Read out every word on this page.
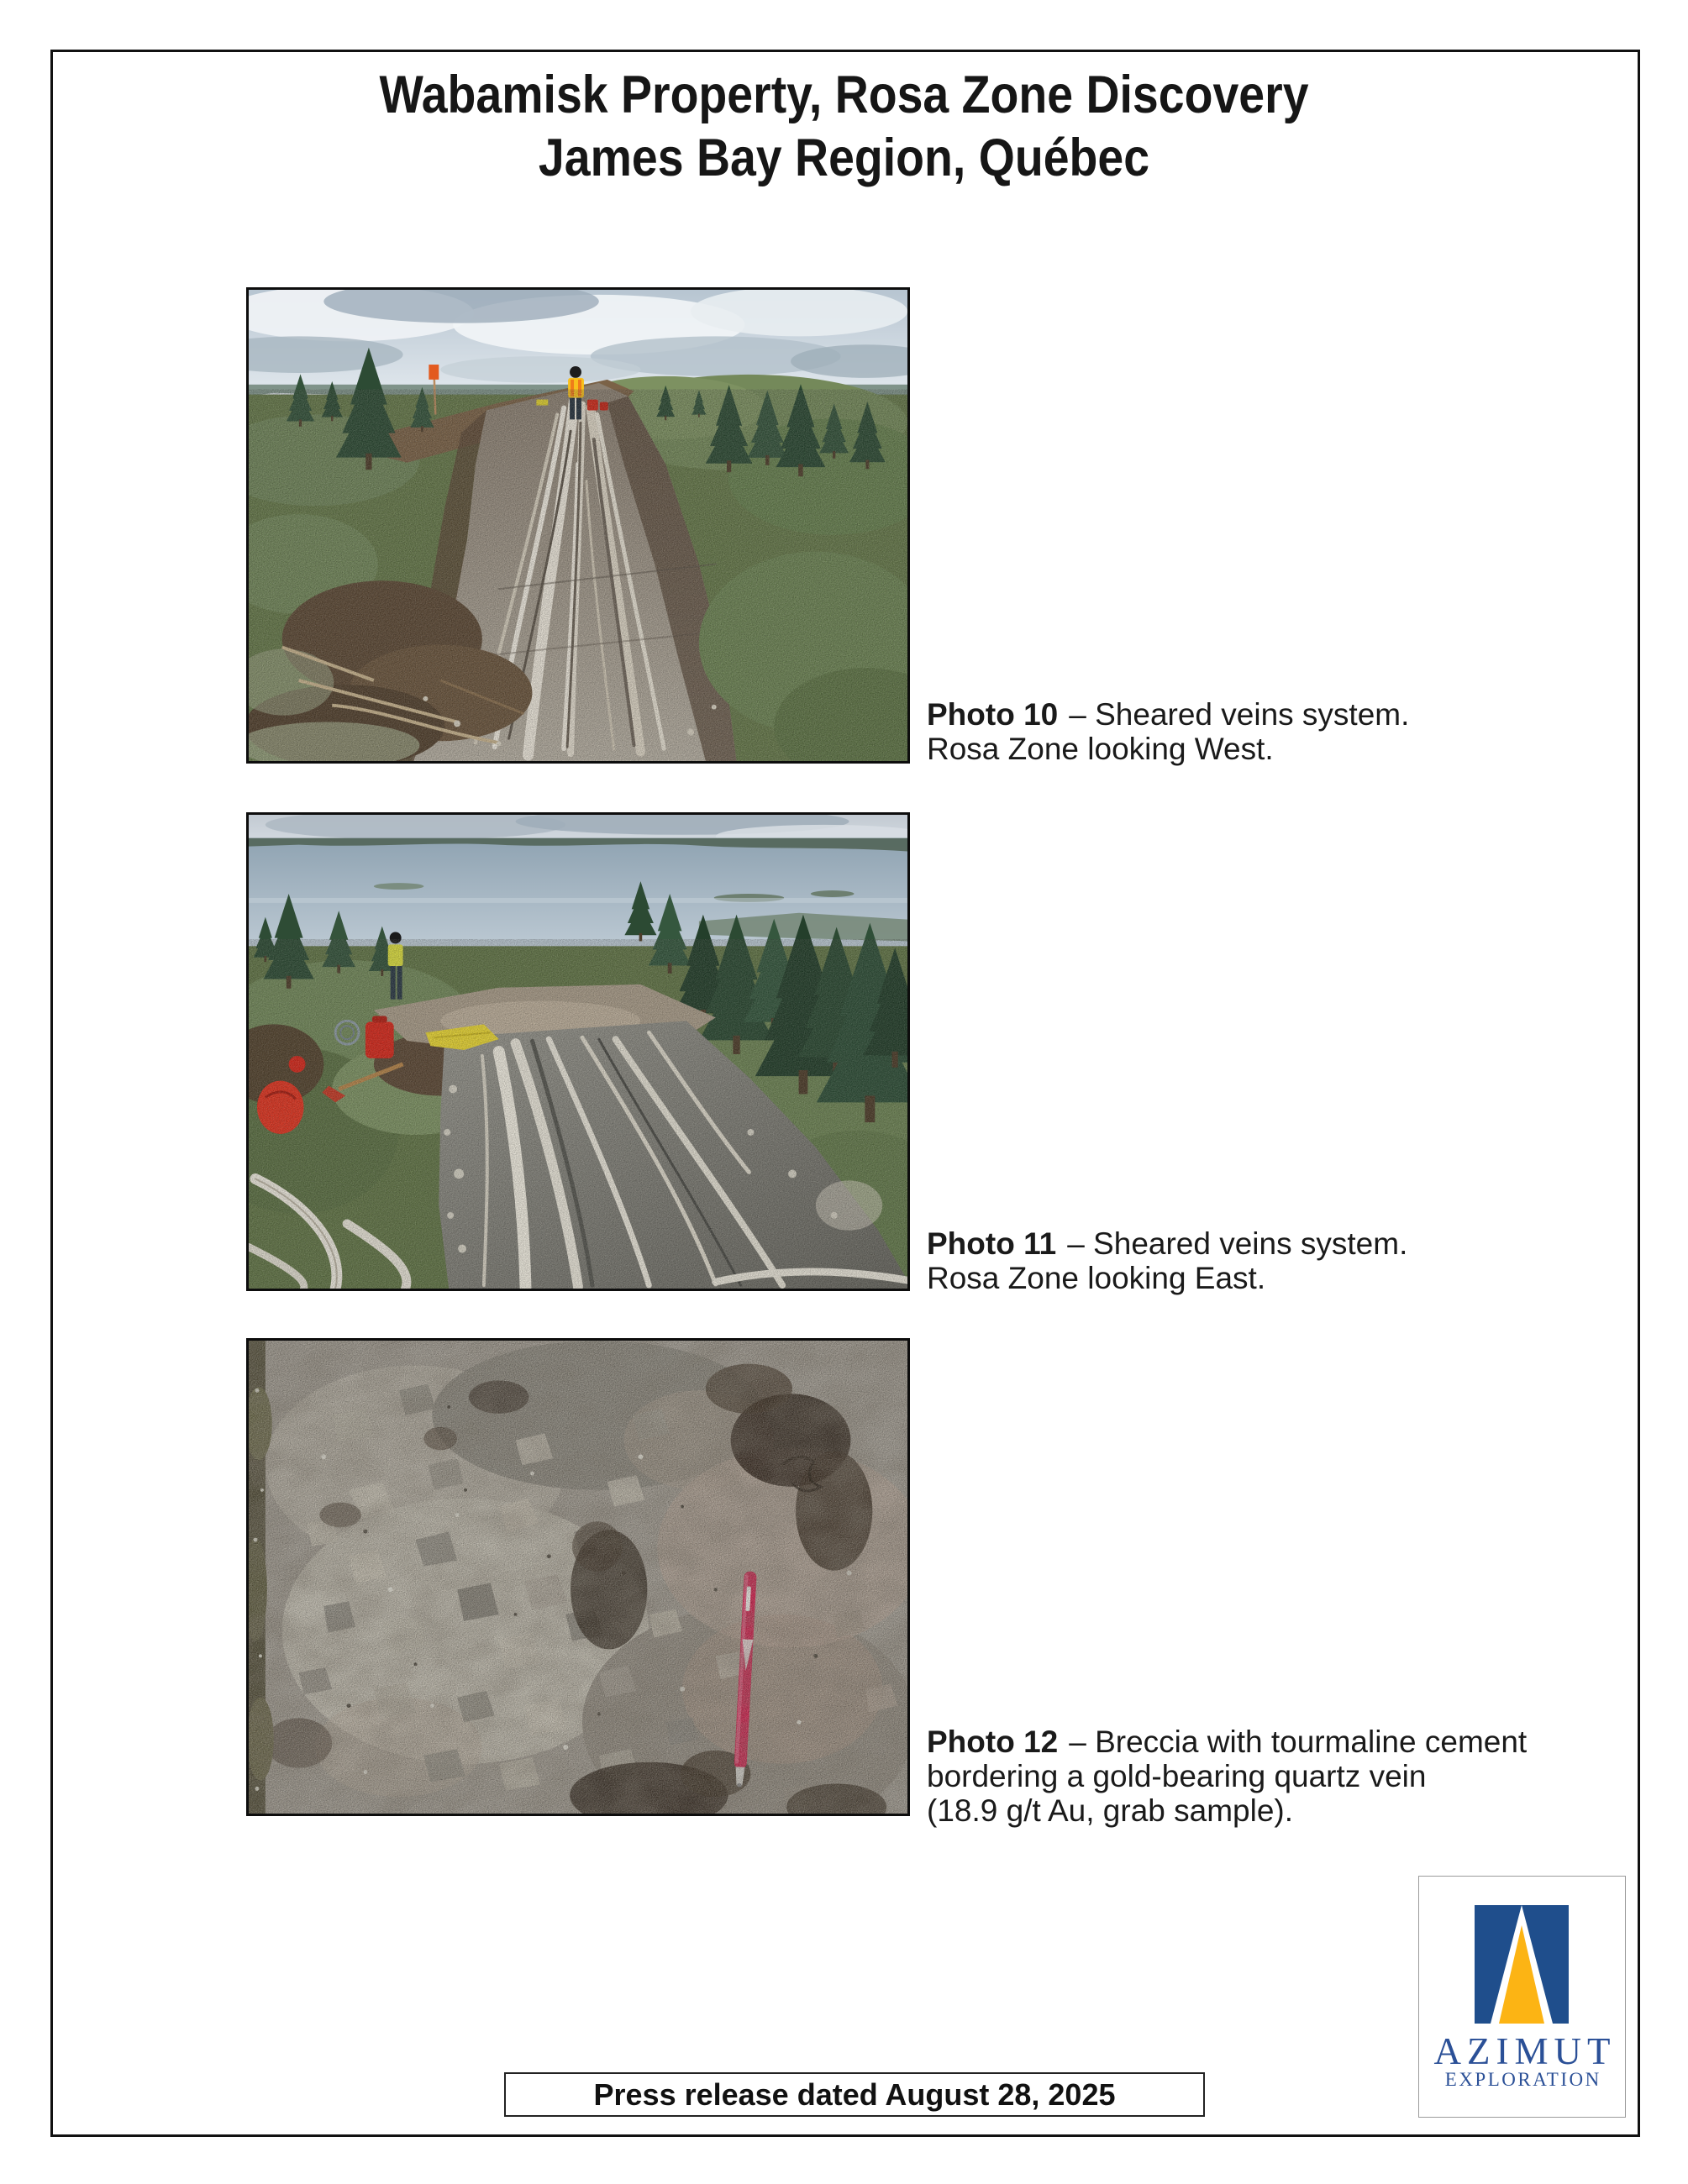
Wabamisk Property, Rosa Zone Discovery
James Bay Region, Québec
Photo 10 – Sheared veins system.
Rosa Zone looking West.
Photo 11 – Sheared veins system.
Rosa Zone looking East.
Photo 12 – Breccia with tourmaline cement
bordering a gold-bearing quartz vein
(18.9 g/t Au, grab sample).
AZIMUT
EXPLORATION
Press release dated August 28, 2025
